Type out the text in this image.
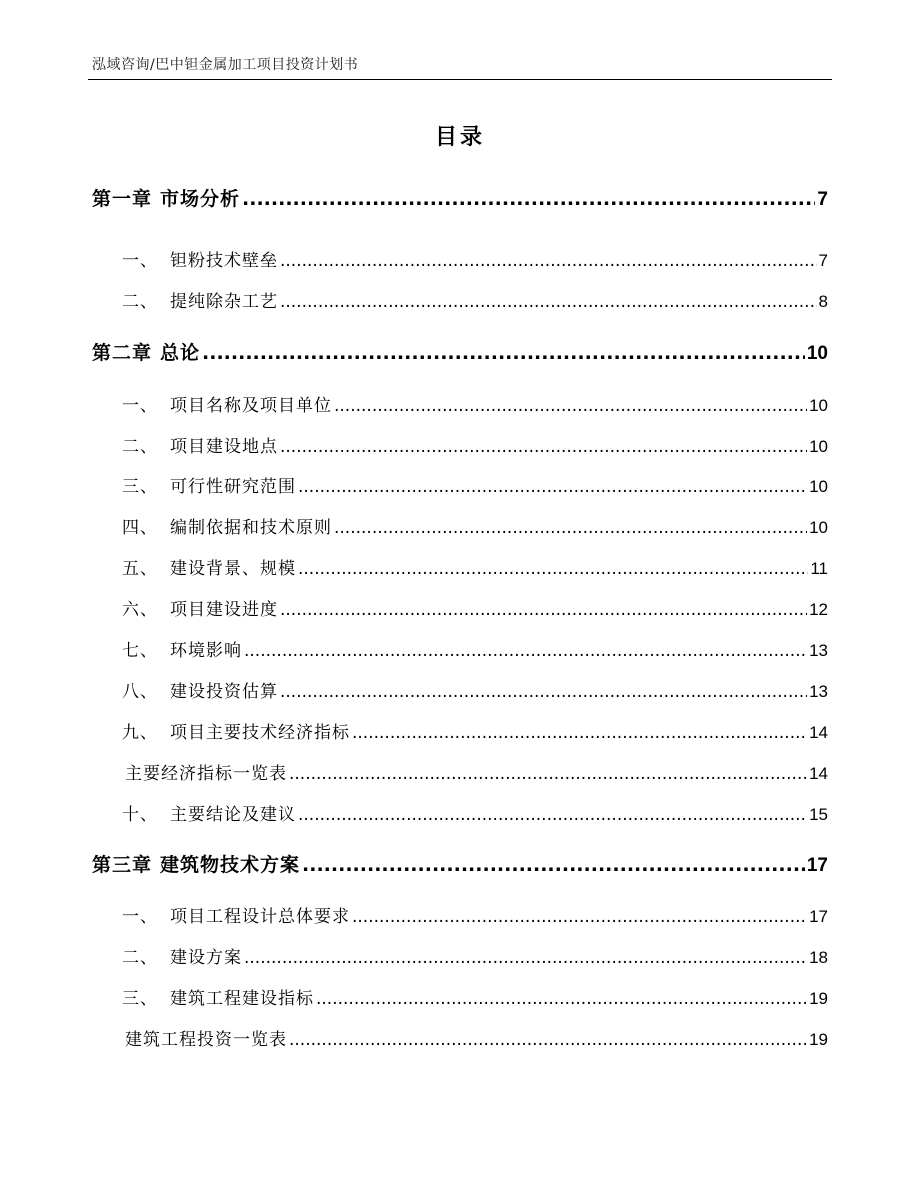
泓域咨询/巴中钽金属加工项目投资计划书
目录
第一章 市场分析 .....	7
一、 钽粉技术壁垒 .....	7
二、 提纯除杂工艺 .....	8
第二章 总论 .....	10
一、 项目名称及项目单位 .....	10
二、 项目建设地点 .....	10
三、 可行性研究范围 .....	10
四、 编制依据和技术原则 .....	10
五、 建设背景、规模 .....	11
六、 项目建设进度 .....	12
七、 环境影响 .....	13
八、 建设投资估算 .....	13
九、 项目主要技术经济指标 .....	14
主要经济指标一览表 .....	14
十、 主要结论及建议 .....	15
第三章 建筑物技术方案 .....	17
一、 项目工程设计总体要求 .....	17
二、 建设方案 .....	18
三、 建筑工程建设指标 .....	19
建筑工程投资一览表 .....	19
